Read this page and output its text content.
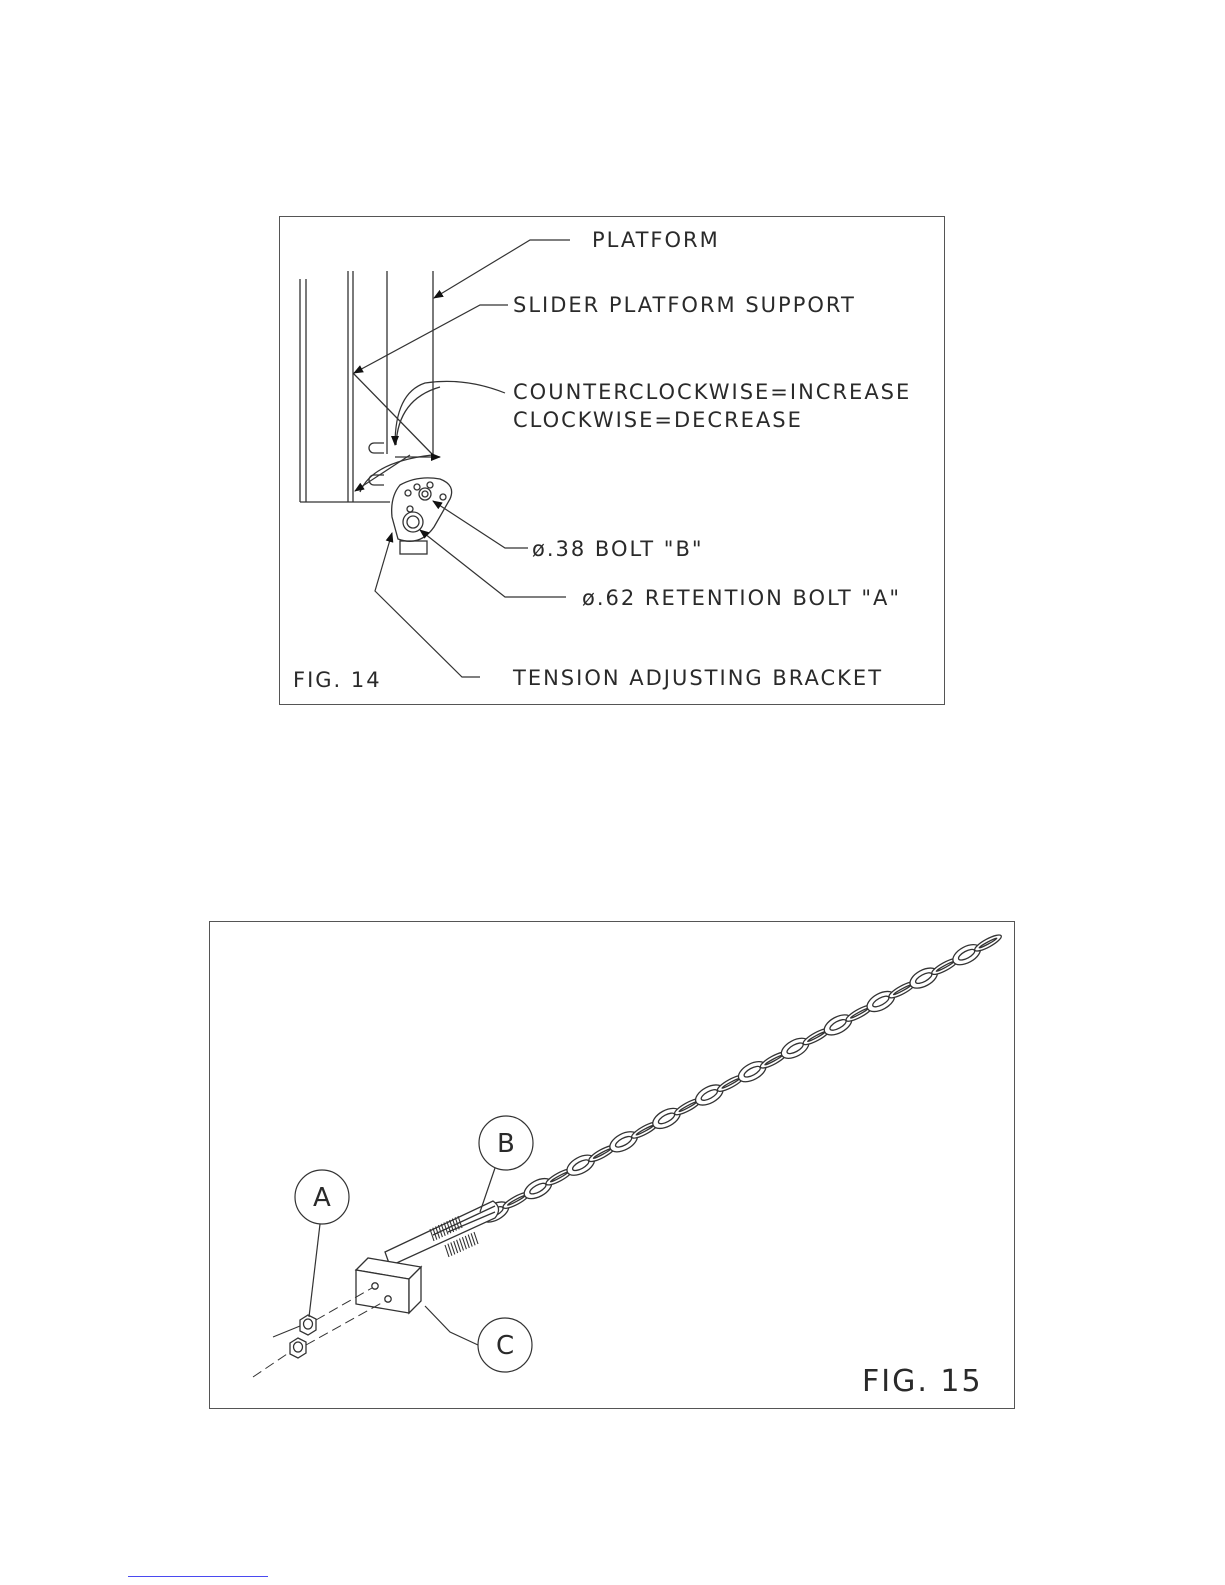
PLATFORM
SLIDER PLATFORM SUPPORT
COUNTERCLOCKWISE=INCREASE
CLOCKWISE=DECREASE
ø.38 BOLT "B"
ø.62 RETENTION BOLT "A"
TENSION ADJUSTING BRACKET
FIG. 14
A
B
C
FIG. 15
